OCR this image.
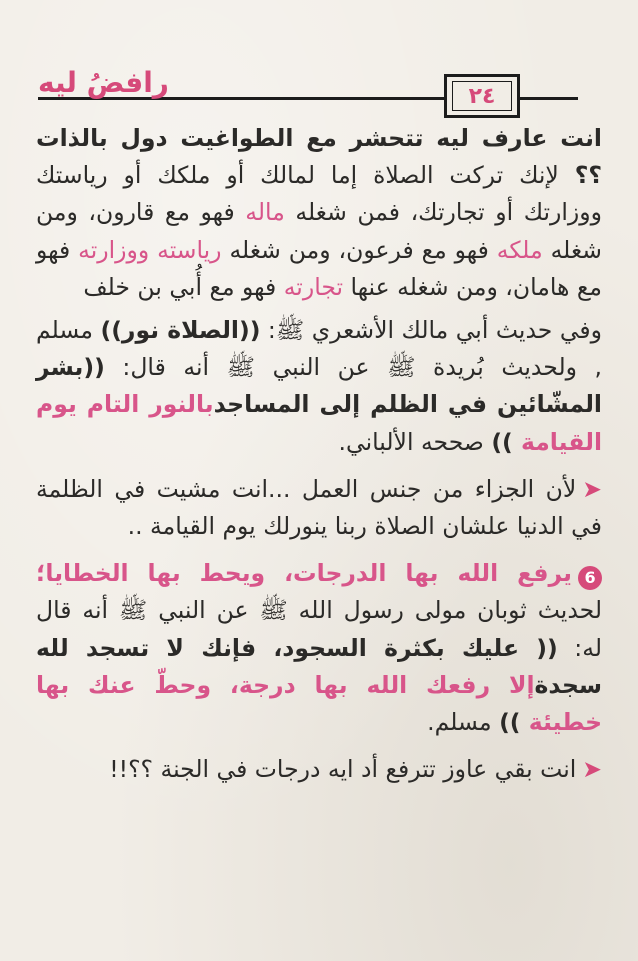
رافضُ ليه	٢٤

انت عارف ليه تتحشر مع الطواغيت دول بالذات ؟؟ لإنك تركت الصلاة إما لمالك أو ملكك أو رياستك ووزارتك أو تجارتك، فمن شغله ماله فهو مع قارون، ومن شغله ملكه فهو مع فرعون، ومن شغله رياسته ووزارته فهو مع هامان، ومن شغله عنها تجارته فهو مع أُبي بن خلف

وفي حديث أبي مالك الأشعري ﷺ: ((الصلاة نور)) مسلم , ولحديث بُريدة ﷺ عن النبي ﷺ أنه قال: ((بشر المشّائين في الظلم إلى المساجدبالنور التام يوم القيامة )) صححه الألباني.

➤لأن الجزاء من جنس العمل ...انت مشيت في الظلمة في الدنيا علشان الصلاة ربنا ينورلك يوم القيامة ..

6يرفع الله بها الدرجات، ويحط بها الخطايا؛ لحديث ثوبان مولى رسول الله ﷺ عن النبي ﷺ أنه قال له: (( عليك بكثرة السجود، فإنك لا تسجد لله سجدةإلا رفعك الله بها درجة، وحطّ عنك بها خطيئة )) مسلم.

➤انت بقي عاوز تترفع أد ايه درجات في الجنة ؟؟!!
